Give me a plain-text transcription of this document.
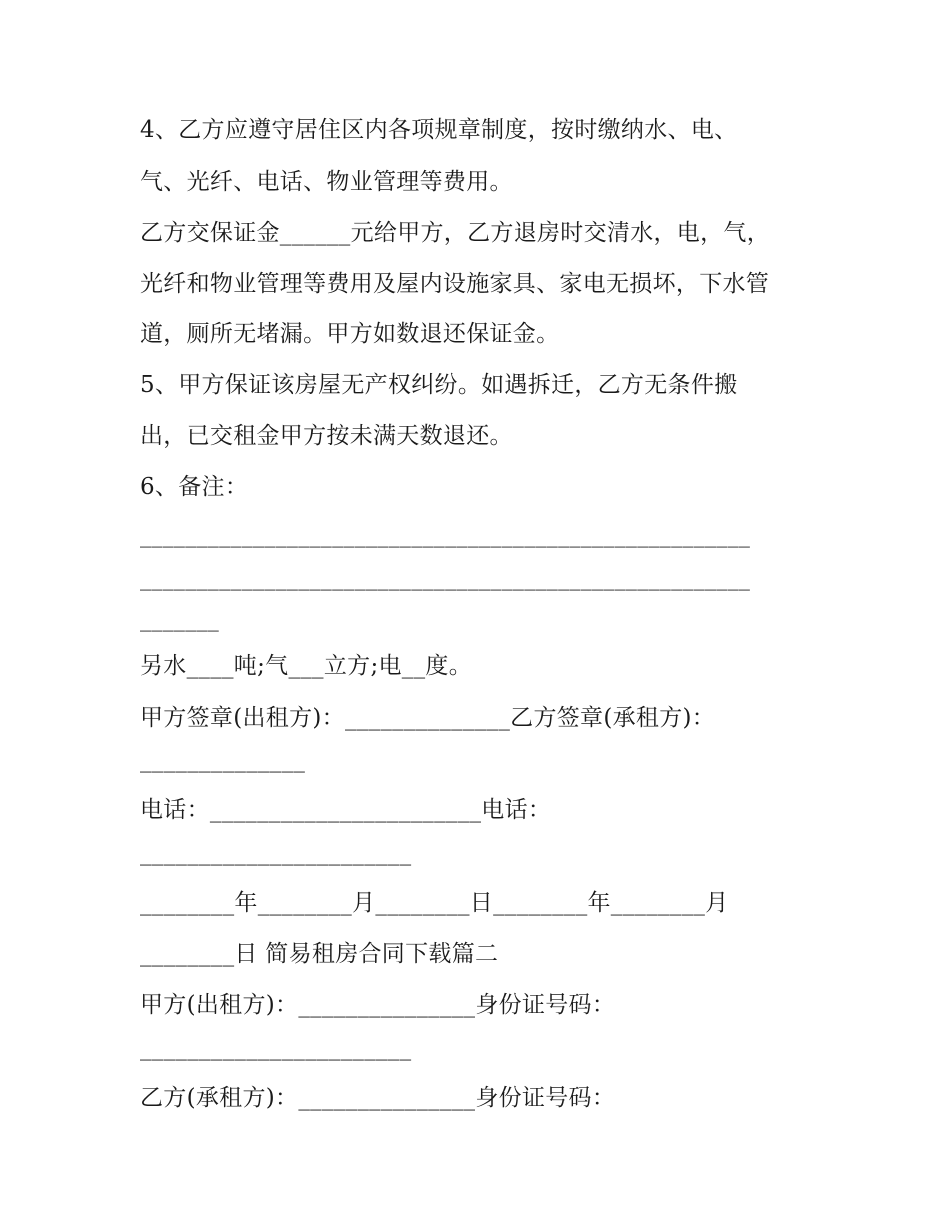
4、乙方应遵守居住区内各项规章制度，按时缴纳水、电、
气、光纤、电话、物业管理等费用。
乙方交保证金______元给甲方，乙方退房时交清水，电，气，
光纤和物业管理等费用及屋内设施家具、家电无损坏，下水管
道，厕所无堵漏。甲方如数退还保证金。
5、甲方保证该房屋无产权纠纷。如遇拆迁，乙方无条件搬
出，已交租金甲方按未满天数退还。
6、备注：
______________________________________________________
______________________________________________________
_______
另水____吨;气___立方;电__度。
甲方签章(出租方)：______________乙方签章(承租方)：
______________
电话：_______________________电话：
_______________________
________年________月________日________年________月
________日 简易租房合同下载篇二
甲方(出租方)：_______________身份证号码：
_______________________
乙方(承租方)：_______________身份证号码：
